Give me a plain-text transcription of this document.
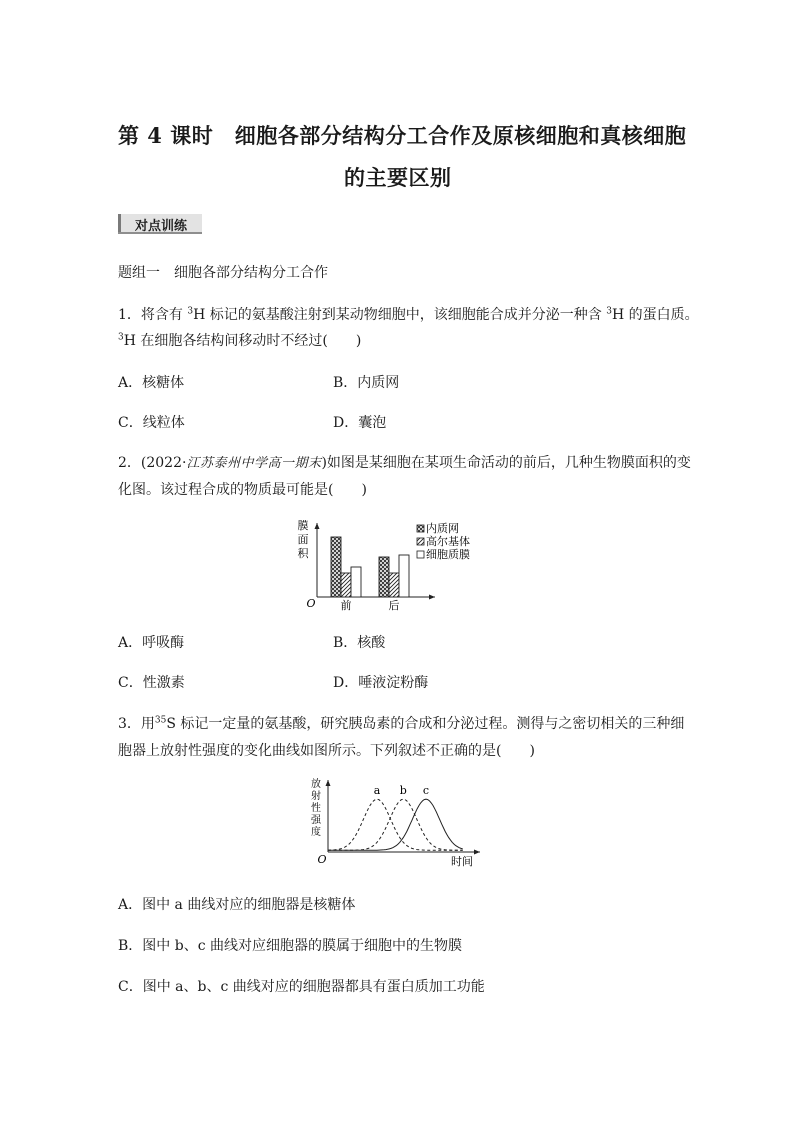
第 4 课时　细胞各部分结构分工合作及原核细胞和真核细胞
的主要区别
对点训练
题组一　细胞各部分结构分工合作
1．将含有 $^3$H 标记的氨基酸注射到某动物细胞中，该细胞能合成并分泌一种含 $^3$H 的蛋白质。
$^3$H 在细胞各结构间移动时不经过(　　)
A．核糖体	B．内质网
C．线粒体	D．囊泡
2．(2022·江苏泰州中学高一期末)如图是某细胞在某项生命活动的前后，几种生物膜面积的变
化图。该过程合成的物质最可能是(　　)
O
膜
面
积
前	后
内质网
高尔基体
细胞质膜
A．呼吸酶	B．核酸
C．性激素	D．唾液淀粉酶
3．用$^{35}$S 标记一定量的氨基酸，研究胰岛素的合成和分泌过程。测得与之密切相关的三种细
胞器上放射性强度的变化曲线如图所示。下列叙述不正确的是(　　)
O	时间
放
射
性
强
度
a b c
A．图中 a 曲线对应的细胞器是核糖体
B．图中 b、c 曲线对应细胞器的膜属于细胞中的生物膜
C．图中 a、b、c 曲线对应的细胞器都具有蛋白质加工功能
